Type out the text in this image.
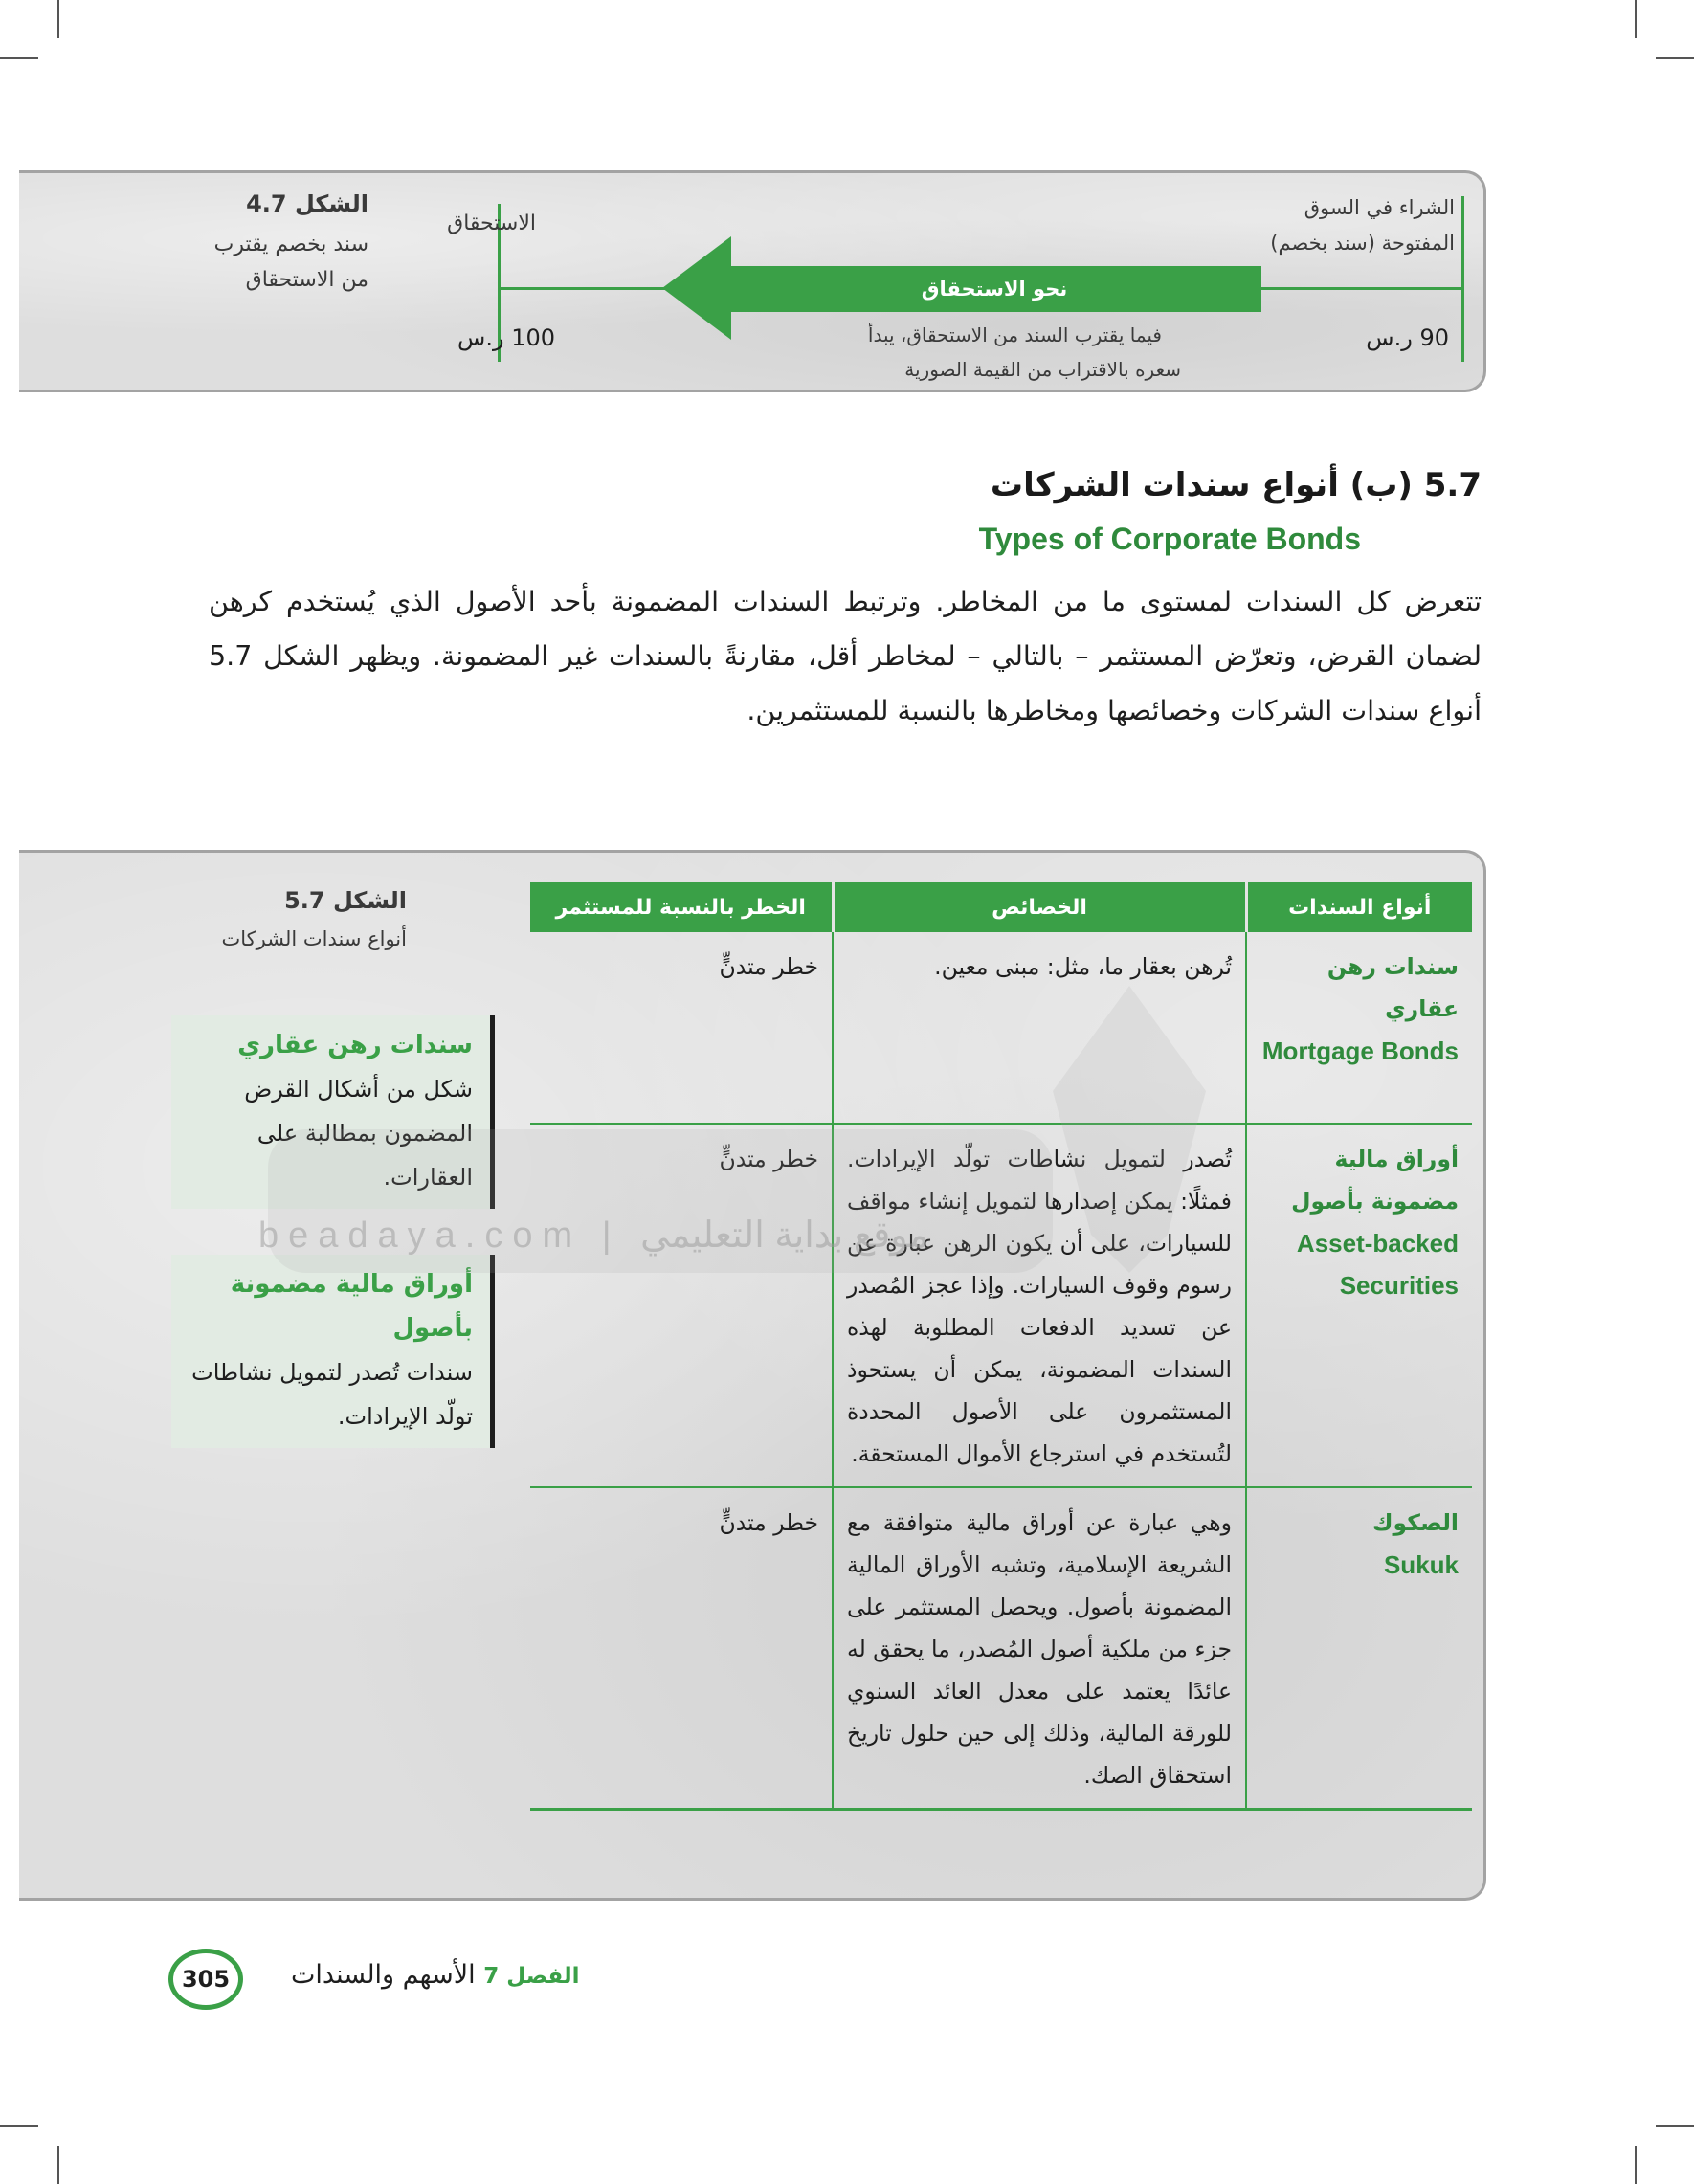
الشكل 4.7
سند بخصم يقترب
من الاستحقاق	نحو الاستحقاق
الاستحقاق
100 ر.س
الشراء في السوق
المفتوحة (سند بخصم)
90 ر.س
فيما يقترب السند من الاستحقاق، يبدأ
سعره بالاقتراب من القيمة الصورية
5.7 (ب) أنواع سندات الشركات
Types of Corporate Bonds

تتعرض كل السندات لمستوى ما من المخاطر. وترتبط السندات المضمونة بأحد الأصول الذي يُستخدم كرهن لضمان القرض، وتعرّض المستثمر – بالتالي – لمخاطر أقل، مقارنةً بالسندات غير المضمونة. ويظهر الشكل 5.7 أنواع سندات الشركات وخصائصها ومخاطرها بالنسبة للمستثمرين.

الشكل 5.7
أنواع سندات الشركات
أنواع السندات	الخصائص	الخطر بالنسبة للمستثمر

سندات رهن عقاري
Mortgage Bonds	تُرهن بعقار ما، مثل: مبنى معين.	خطر متدنٍّ

أوراق مالية مضمونة بأصول
Asset-backed Securities	تُصدر لتمويل نشاطات تولّد الإيرادات. فمثلًا: يمكن إصدارها لتمويل إنشاء مواقف للسيارات، على أن يكون الرهن عبارة عن رسوم وقوف السيارات. وإذا عجز المُصدر عن تسديد الدفعات المطلوبة لهذه السندات المضمونة، يمكن أن يستحوذ المستثمرون على الأصول المحددة لتُستخدم في استرجاع الأموال المستحقة.	خطر متدنٍّ

الصكوك
Sukuk	وهي عبارة عن أوراق مالية متوافقة مع الشريعة الإسلامية، وتشبه الأوراق المالية المضمونة بأصول. ويحصل المستثمر على جزء من ملكية أصول المُصدر، ما يحقق له عائدًا يعتمد على معدل العائد السنوي للورقة المالية، وذلك إلى حين حلول تاريخ استحقاق الصك.	خطر متدنٍّ
سندات رهن عقاري
شكل من أشكال القرض المضمون بمطالبة على العقارات.
أوراق مالية مضمونة بأصول
سندات تُصدر لتمويل نشاطات تولّد الإيرادات.
beadaya.com | موقع بداية التعليمي
305	الفصل 7 الأسهم والسندات
